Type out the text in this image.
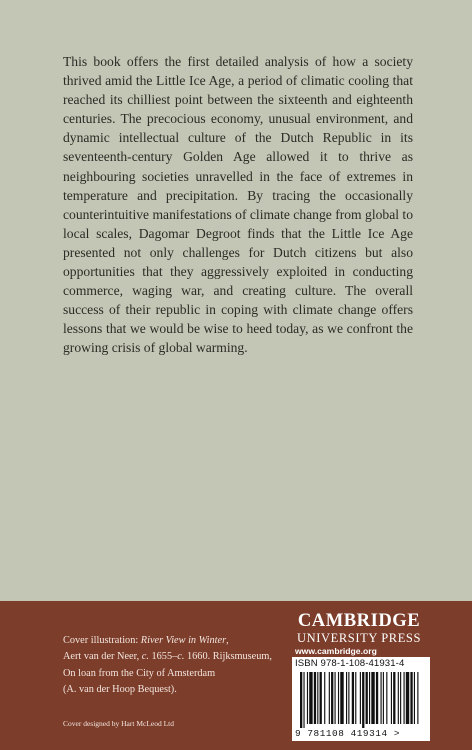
This book offers the first detailed analysis of how a society thrived amid the Little Ice Age, a period of climatic cooling that reached its chilliest point between the sixteenth and eighteenth centuries. The precocious economy, unusual environment, and dynamic intellectual culture of the Dutch Republic in its seventeenth-century Golden Age allowed it to thrive as neighbouring societies unravelled in the face of extremes in temperature and precipitation. By tracing the occasionally counterintuitive manifestations of climate change from global to local scales, Dagomar Degroot finds that the Little Ice Age presented not only challenges for Dutch citizens but also opportunities that they aggressively exploited in conducting commerce, waging war, and creating culture. The overall success of their republic in coping with climate change offers lessons that we would be wise to heed today, as we confront the growing crisis of global warming.

Cover illustration: River View in Winter,
Aert van der Neer, c. 1655–c. 1660. Rijksmuseum,
On loan from the City of Amsterdam
(A. van der Hoop Bequest).
Cover designed by Hart McLeod Ltd
CAMBRIDGE
UNIVERSITY PRESS
www.cambridge.org
ISBN 978-1-108-41931-4
9 781108 419314 >
